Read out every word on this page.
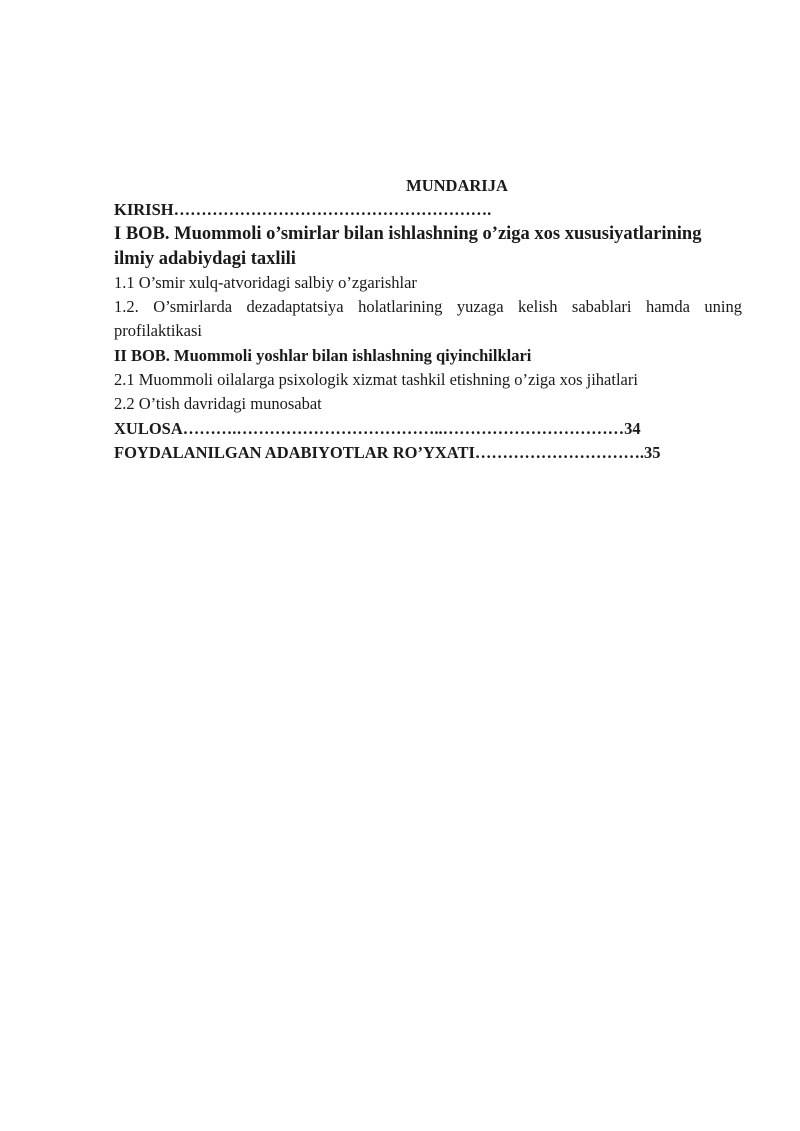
MUNDARIJA
KIRISH………………………………………………….
I BOB. Muommoli o’smirlar bilan ishlashning o’ziga xos xususiyatlarining ilmiy adabiydagi taxlili
1.1 O’smir xulq-atvoridagi salbiy o’zgarishlar
1.2. O’smirlarda dezadaptatsiya holatlarining yuzaga kelish sabablari hamda uning profilaktikasi
II BOB. Muommoli yoshlar bilan ishlashning qiyinchilklari
2.1 Muommoli oilalarga psixologik xizmat tashkil etishning o’ziga xos jihatlari
2.2 O’tish davridagi munosabat
XULOSA……….………………………………..……………………………34
FOYDALANILGAN ADABIYOTLAR RO’YXATI………………………….35
